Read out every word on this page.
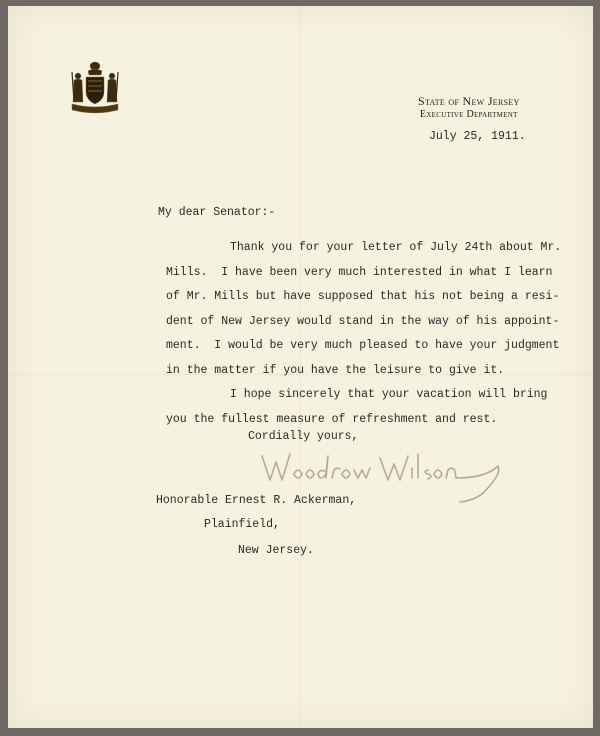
State of New Jersey
Executive Department
July 25, 1911.
My dear Senator:-
Thank you for your letter of July 24th about Mr.
Mills.  I have been very much interested in what I learn
of Mr. Mills but have supposed that his not being a resi-
dent of New Jersey would stand in the way of his appoint-
ment.  I would be very much pleased to have your judgment
in the matter if you have the leisure to give it.
I hope sincerely that your vacation will bring
you the fullest measure of refreshment and rest.
Cordially yours,
Honorable Ernest R. Ackerman,
Plainfield,
New Jersey.
